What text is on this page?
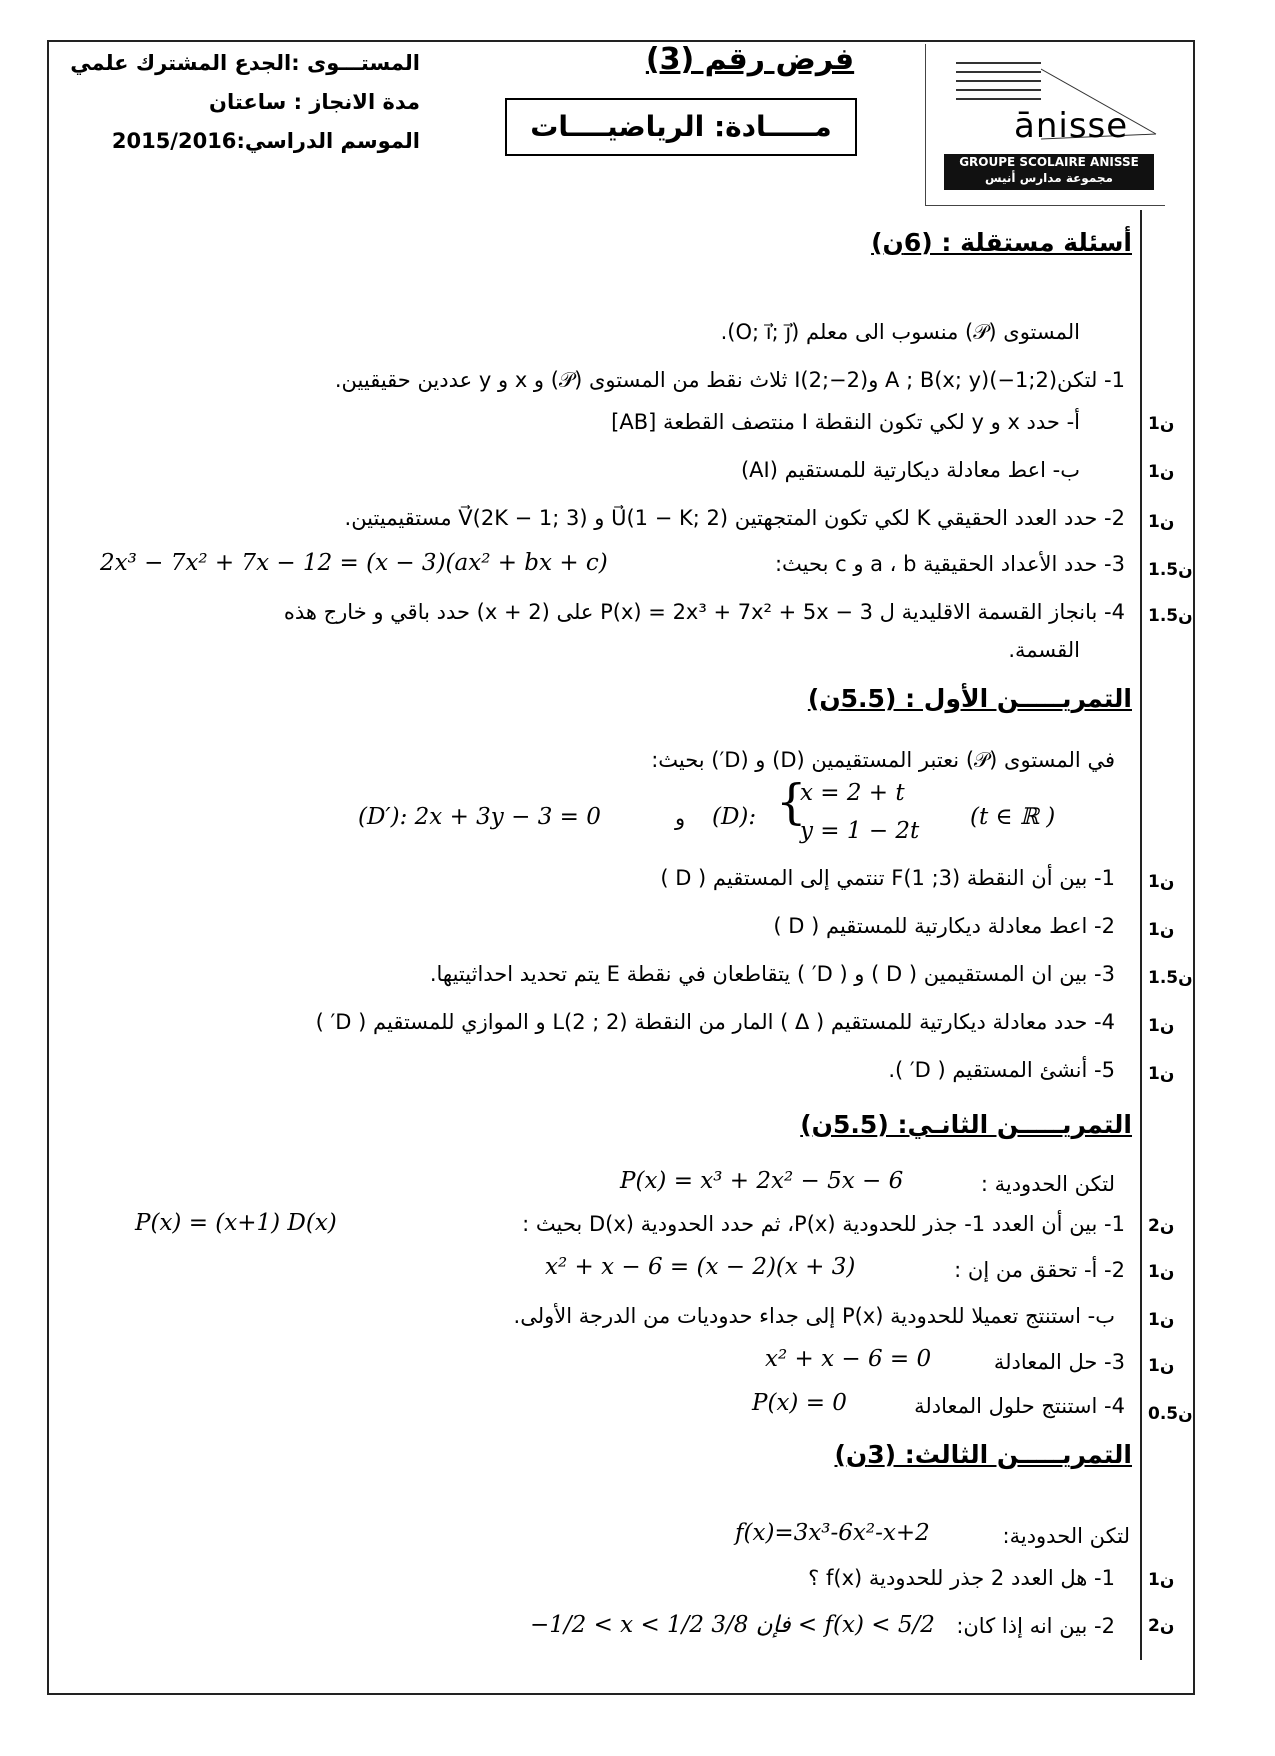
المستـــوى :الجدع المشترك علمي
مدة الانجاز : ساعتان
الموسم الدراسي:2015/2016
فرض رقم (3)
مـــــادة: الرياضيــــات	ānisse
GROUPE SCOLAIRE ANISSE
مجموعة مدارس أنيس
أسئلة مستقلة : (6ن)
المستوى (𝒫) منسوب الى معلم (O; i⃗; j⃗).
1- لتكن(2;1−)A ; B(x; y) و(2−;2)I ثلاث نقط من المستوى (𝒫) و x و y عددين حقيقيين.
أ- حدد x و y لكي تكون النقطة I منتصف القطعة [AB]
ب- اعط معادلة ديكارتية للمستقيم (AI)
2- حدد العدد الحقيقي K لكي تكون المتجهتين U⃗(1 − K; 2) و V⃗(2K − 1; 3) مستقيميتين.
3- حدد الأعداد الحقيقية a ، b و c بحيث:
2x³ − 7x² + 7x − 12 = (x − 3)(ax² + bx + c)
4- بانجاز القسمة الاقليدية ل P(x) = 2x³ + 7x² + 5x − 3 على (x + 2) حدد باقي و خارج هذه
القسمة.
1ن
1ن
1ن
1.5ن
1.5ن
التمريـــــن الأول : (5.5ن)
في المستوى (𝒫) نعتبر المستقيمين (D) و (D′) بحيث:
(D′): 2x + 3y − 3 = 0	و (D): {
x = 2 + t
y = 1 − 2t
(t ∈ ℝ )
1- بين أن النقطة (3; 1)F تنتمي إلى المستقيم ( D )
2- اعط معادلة ديكارتية للمستقيم ( D )
3- بين ان المستقيمين ( D ) و ( D′ ) يتقاطعان في نقطة E يتم تحديد احداثيتيها.
4- حدد معادلة ديكارتية للمستقيم ( Δ ) المار من النقطة (2 ; 2)L و الموازي للمستقيم ( D′ )
5- أنشئ المستقيم ( D′ ).
1ن
1ن
1.5ن
1ن
1ن
التمريـــــن الثانـي: (5.5ن)
لتكن الحدودية :
P(x) = x³ + 2x² − 5x − 6
1- بين أن العدد 1- جذر للحدودية P(x)، ثم حدد الحدودية D(x) بحيث :
P(x) = (x+1) D(x)
2- أ- تحقق من إن :
x² + x − 6 = (x − 2)(x + 3)
ب- استنتج تعميلا للحدودية P(x) إلى جداء حدوديات من الدرجة الأولى.
3- حل المعادلة
x² + x − 6 = 0
4- استنتج حلول المعادلة
P(x) = 0
2ن
1ن
1ن
1ن
0.5ن
التمريـــــن الثالث: (3ن)
لتكن الحدودية:
f(x)=3x³-6x²-x+2
1- هل العدد 2 جذر للحدودية f(x) ؟
2- بين انه إذا كان:
−1/2 < x < 1/2 فإن 3/8 < f(x) < 5/2
1ن
2ن
